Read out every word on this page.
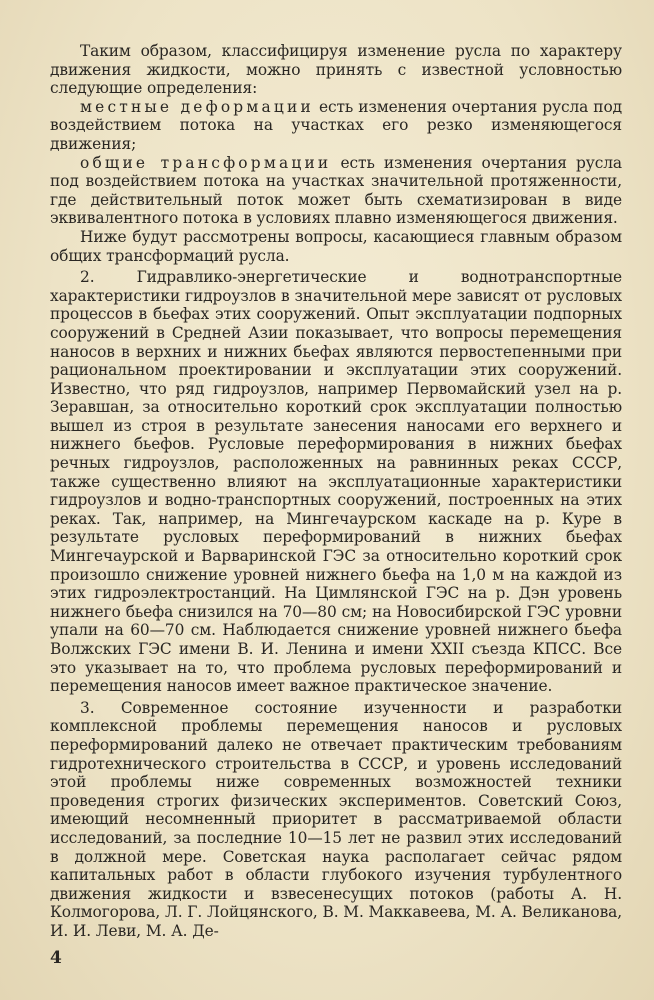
Таким образом, классифицируя изменение русла по характеру движения жидкости, можно принять с известной условностью следующие определения:

местные деформации есть изменения очертания русла под воздействием потока на участках его резко изменяющегося движения;

общие трансформации есть изменения очертания русла под воздействием потока на участках значительной протяженности, где действительный поток может быть схематизирован в виде эквивалентного потока в условиях плавно изменяющегося движения.

Ниже будут рассмотрены вопросы, касающиеся главным образом общих трансформаций русла.

2. Гидравлико-энергетические и воднотранспортные характеристики гидроузлов в значительной мере зависят от русловых процессов в бьефах этих сооружений. Опыт эксплуатации подпорных сооружений в Средней Азии показывает, что вопросы перемещения наносов в верхних и нижних бьефах являются первостепенными при рациональном проектировании и эксплуатации этих сооружений. Известно, что ряд гидроузлов, например Первомайский узел на р. Зеравшан, за относительно короткий срок эксплуатации полностью вышел из строя в результате занесения наносами его верхнего и нижнего бьефов. Русловые переформирования в нижних бьефах речных гидроузлов, расположенных на равнинных реках СССР, также существенно влияют на эксплуатационные характеристики гидроузлов и водно-транспортных сооружений, построенных на этих реках. Так, например, на Мингечаурском каскаде на р. Куре в результате русловых переформирований в нижних бьефах Мингечаурской и Варваринской ГЭС за относительно короткий срок произошло снижение уровней нижнего бьефа на 1,0 м на каждой из этих гидроэлектростанций. На Цимлянской ГЭС на р. Дэн уровень нижнего бьефа снизился на 70—80 см; на Новосибирской ГЭС уровни упали на 60—70 см. Наблюдается снижение уровней нижнего бьефа Волжских ГЭС имени В. И. Ленина и имени XXII съезда КПСС. Все это указывает на то, что проблема русловых переформирований и перемещения наносов имеет важное практическое значение.

3. Современное состояние изученности и разработки комплексной проблемы перемещения наносов и русловых переформирований далеко не отвечает практическим требованиям гидротехнического строительства в СССР, и уровень исследований этой проблемы ниже современных возможностей техники проведения строгих физических экспериментов. Советский Союз, имеющий несомненный приоритет в рассматриваемой области исследований, за последние 10—15 лет не развил этих исследований в должной мере. Советская наука располагает сейчас рядом капитальных работ в области глубокого изучения турбулентного движения жидкости и взвесенесущих потоков (работы А. Н. Колмогорова, Л. Г. Лойцянского, В. М. Маккавеева, М. А. Великанова, И. И. Леви, М. А. Де-

4
